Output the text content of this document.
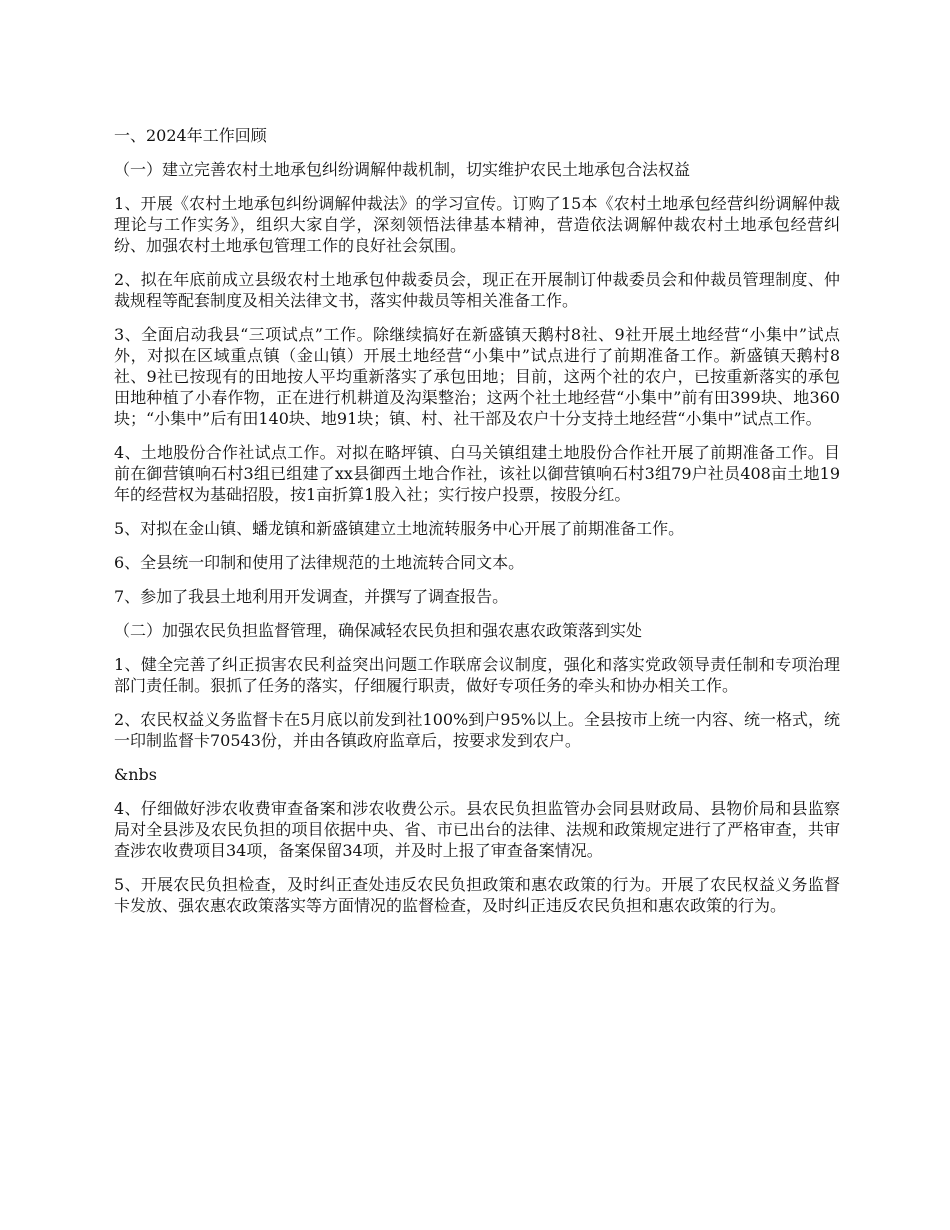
一、2024年工作回顾

（一）建立完善农村土地承包纠纷调解仲裁机制，切实维护农民土地承包合法权益

1、开展《农村土地承包纠纷调解仲裁法》的学习宣传。订购了15本《农村土地承包经营纠纷调解仲裁理论与工作实务》，组织大家自学，深刻领悟法律基本精神，营造依法调解仲裁农村土地承包经营纠纷、加强农村土地承包管理工作的良好社会氛围。

2、拟在年底前成立县级农村土地承包仲裁委员会，现正在开展制订仲裁委员会和仲裁员管理制度、仲裁规程等配套制度及相关法律文书，落实仲裁员等相关准备工作。

3、全面启动我县“三项试点”工作。除继续搞好在新盛镇天鹅村8社、9社开展土地经营“小集中”试点外，对拟在区域重点镇（金山镇）开展土地经营“小集中”试点进行了前期准备工作。新盛镇天鹅村8社、9社已按现有的田地按人平均重新落实了承包田地；目前，这两个社的农户，已按重新落实的承包田地种植了小春作物，正在进行机耕道及沟渠整治；这两个社土地经营“小集中”前有田399块、地360块；“小集中”后有田140块、地91块；镇、村、社干部及农户十分支持土地经营“小集中”试点工作。

4、土地股份合作社试点工作。对拟在略坪镇、白马关镇组建土地股份合作社开展了前期准备工作。目前在御营镇响石村3组已组建了xx县御西土地合作社，该社以御营镇响石村3组79户社员408亩土地19年的经营权为基础招股，按1亩折算1股入社；实行按户投票，按股分红。

5、对拟在金山镇、蟠龙镇和新盛镇建立土地流转服务中心开展了前期准备工作。

6、全县统一印制和使用了法律规范的土地流转合同文本。

7、参加了我县土地利用开发调查，并撰写了调查报告。

（二）加强农民负担监督管理，确保减轻农民负担和强农惠农政策落到实处

1、健全完善了纠正损害农民利益突出问题工作联席会议制度，强化和落实党政领导责任制和专项治理部门责任制。狠抓了任务的落实，仔细履行职责，做好专项任务的牵头和协办相关工作。

2、农民权益义务监督卡在5月底以前发到社100%到户95%以上。全县按市上统一内容、统一格式，统一印制监督卡70543份，并由各镇政府监章后，按要求发到农户。

&nbs

4、仔细做好涉农收费审查备案和涉农收费公示。县农民负担监管办会同县财政局、县物价局和县监察局对全县涉及农民负担的项目依据中央、省、市已出台的法律、法规和政策规定进行了严格审查，共审查涉农收费项目34项，备案保留34项，并及时上报了审查备案情况。

5、开展农民负担检查，及时纠正查处违反农民负担政策和惠农政策的行为。开展了农民权益义务监督卡发放、强农惠农政策落实等方面情况的监督检查，及时纠正违反农民负担和惠农政策的行为。
